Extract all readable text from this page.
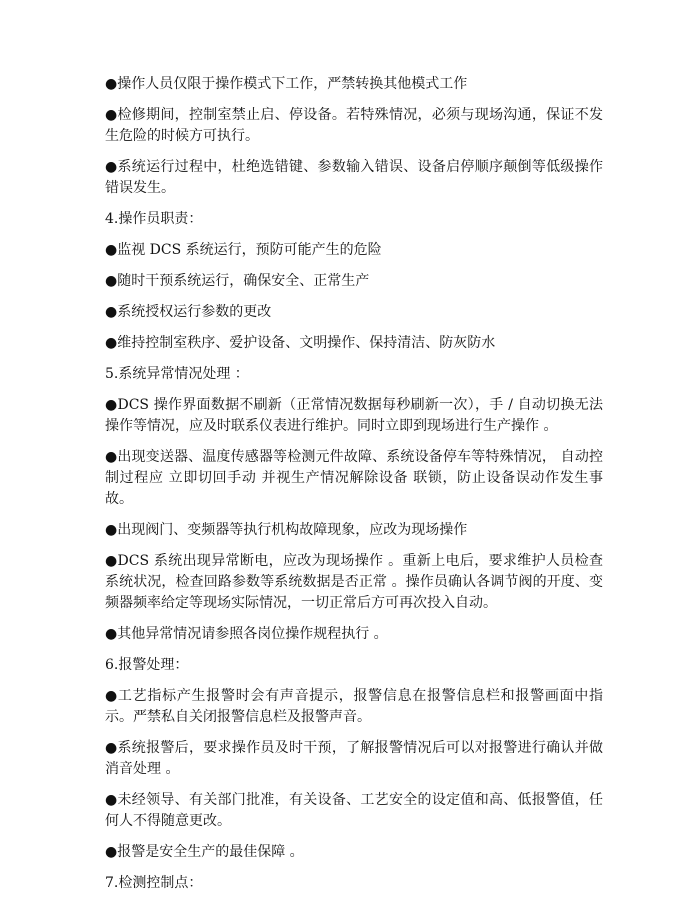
●操作人员仅限于操作模式下工作，严禁转换其他模式工作

●检修期间，控制室禁止启、停设备。若特殊情况，必须与现场沟通，保证不发生危险的时候方可执行。

●系统运行过程中，杜绝选错键、参数输入错误、设备启停顺序颠倒等低级操作错误发生。

4.操作员职责：

●监视 DCS 系统运行，预防可能产生的危险

●随时干预系统运行，确保安全、正常生产

●系统授权运行参数的更改

●维持控制室秩序、爱护设备、文明操作、保持清洁、防灰防水

5.系统异常情况处理 ：

●DCS 操作界面数据不刷新（正常情况数据每秒刷新一次），手 / 自动切换无法操作等情况，应及时联系仪表进行维护。同时立即到现场进行生产操作 。

●出现变送器、温度传感器等检测元件故障、系统设备停车等特殊情况， 自动控制过程应 立即切回手动 并视生产情况解除设备 联锁，防止设备误动作发生事故。

●出现阀门、变频器等执行机构故障现象，应改为现场操作

●DCS 系统出现异常断电，应改为现场操作 。重新上电后，要求维护人员检查系统状况，检查回路参数等系统数据是否正常 。操作员确认各调节阀的开度、变频器频率给定等现场实际情况，一切正常后方可再次投入自动。

●其他异常情况请参照各岗位操作规程执行 。

6.报警处理：

●工艺指标产生报警时会有声音提示，报警信息在报警信息栏和报警画面中指示。严禁私自关闭报警信息栏及报警声音。

●系统报警后，要求操作员及时干预，了解报警情况后可以对报警进行确认并做消音处理 。

●未经领导、有关部门批准，有关设备、工艺安全的设定值和高、低报警值，任何人不得随意更改。

●报警是安全生产的最佳保障 。

7.检测控制点：
